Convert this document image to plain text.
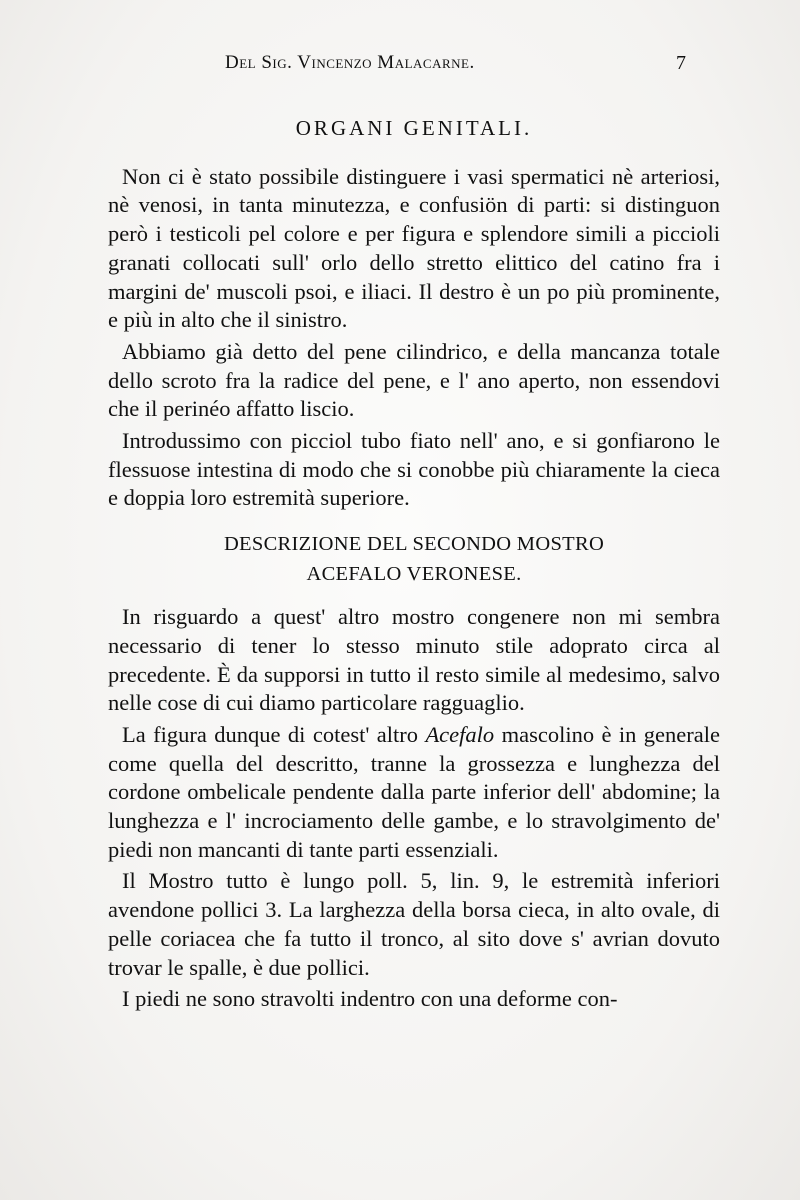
Del Sig. Vincenzo Malacarne.	7
ORGANI GENITALI.

Non ci è stato possibile distinguere i vasi spermatici nè arteriosi, nè venosi, in tanta minutezza, e confusiön di parti: si distinguon però i testicoli pel colore e per figura e splendore simili a piccioli granati collocati sull' orlo dello stretto elittico del catino fra i margini de' muscoli psoi, e iliaci. Il destro è un po più prominente, e più in alto che il sinistro.

Abbiamo già detto del pene cilindrico, e della mancanza totale dello scroto fra la radice del pene, e l' ano aperto, non essendovi che il perinéo affatto liscio.

Introdussimo con picciol tubo fiato nell' ano, e si gonfiarono le flessuose intestina di modo che si conobbe più chiaramente la cieca e doppia loro estremità superiore.

DESCRIZIONE DEL SECONDO MOSTRO
ACEFALO VERONESE.

In risguardo a quest' altro mostro congenere non mi sembra necessario di tener lo stesso minuto stile adoprato circa al precedente. È da supporsi in tutto il resto simile al medesimo, salvo nelle cose di cui diamo particolare ragguaglio.

La figura dunque di cotest' altro Acefalo mascolino è in generale come quella del descritto, tranne la grossezza e lunghezza del cordone ombelicale pendente dalla parte inferior dell' abdomine; la lunghezza e l' incrociamento delle gambe, e lo stravolgimento de' piedi non mancanti di tante parti essenziali.

Il Mostro tutto è lungo poll. 5, lin. 9, le estremità inferiori avendone pollici 3. La larghezza della borsa cieca, in alto ovale, di pelle coriacea che fa tutto il tronco, al sito dove s' avrian dovuto trovar le spalle, è due pollici.

I piedi ne sono stravolti indentro con una deforme con-
